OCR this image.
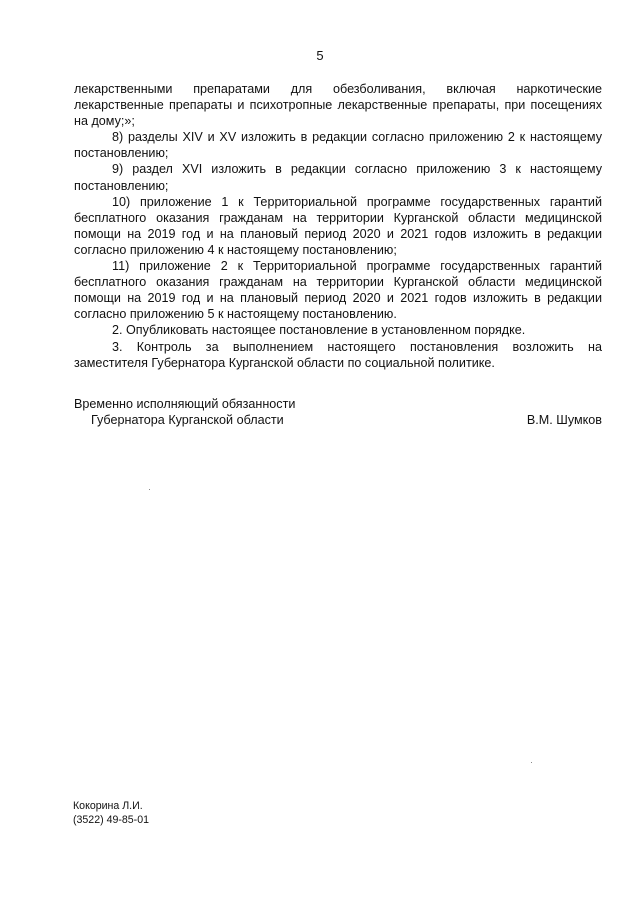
5

лекарственными препаратами для обезболивания, включая наркотические лекарственные препараты и психотропные лекарственные препараты, при посещениях на дому;»;

8) разделы XIV и XV изложить в редакции согласно приложению 2 к настоящему постановлению;

9) раздел XVI изложить в редакции согласно приложению 3 к настоящему постановлению;

10) приложение 1 к Территориальной программе государственных гарантий бесплатного оказания гражданам на территории Курганской области медицинской помощи на 2019 год и на плановый период 2020 и 2021 годов изложить в редакции согласно приложению 4 к настоящему постановлению;

11) приложение 2 к Территориальной программе государственных гарантий бесплатного оказания гражданам на территории Курганской области медицинской помощи на 2019 год и на плановый период 2020 и 2021 годов изложить в редакции согласно приложению 5 к настоящему постановлению.

2. Опубликовать настоящее постановление в установленном порядке.

3. Контроль за выполнением настоящего постановления возложить на заместителя Губернатора Курганской области по социальной политике.

Временно исполняющий обязанности
Губернатора Курганской области	В.М. Шумков
Кокорина Л.И.
(3522) 49-85-01
